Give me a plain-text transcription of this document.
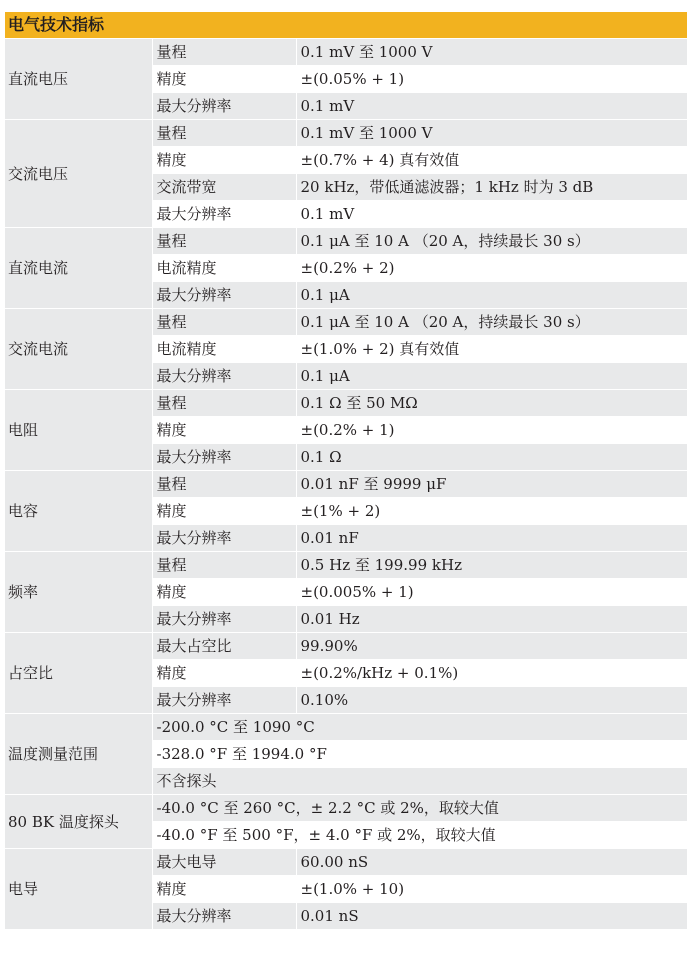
电气技术指标
直流电压	量程	0.1 mV 至 1000 V
	精度	±(0.05% + 1)
	最大分辨率	0.1 mV
交流电压	量程	0.1 mV 至 1000 V
	精度	±(0.7% + 4) 真有效值
	交流带宽	20 kHz，带低通滤波器；1 kHz 时为 3 dB
	最大分辨率	0.1 mV
直流电流	量程	0.1 μA 至 10 A （20 A，持续最长 30 s）
	电流精度	±(0.2% + 2)
	最大分辨率	0.1 μA
交流电流	量程	0.1 μA 至 10 A （20 A，持续最长 30 s）
	电流精度	±(1.0% + 2) 真有效值
	最大分辨率	0.1 μA
电阻	量程	0.1 Ω 至 50 MΩ
	精度	±(0.2% + 1)
	最大分辨率	0.1 Ω
电容	量程	0.01 nF 至 9999 μF
	精度	±(1% + 2)
	最大分辨率	0.01 nF
频率	量程	0.5 Hz 至 199.99 kHz
	精度	±(0.005% + 1)
	最大分辨率	0.01 Hz
占空比	最大占空比	99.90%
	精度	±(0.2%/kHz + 0.1%)
	最大分辨率	0.10%
温度测量范围	-200.0 °C 至 1090 °C	
	-328.0 °F 至 1994.0 °F	
	不含探头	
80 BK 温度探头	-40.0 °C 至 260 °C，± 2.2 °C 或 2%，取较大值	
	-40.0 °F 至 500 °F，± 4.0 °F 或 2%，取较大值	
电导	最大电导	60.00 nS
	精度	±(1.0% + 10)
	最大分辨率	0.01 nS
